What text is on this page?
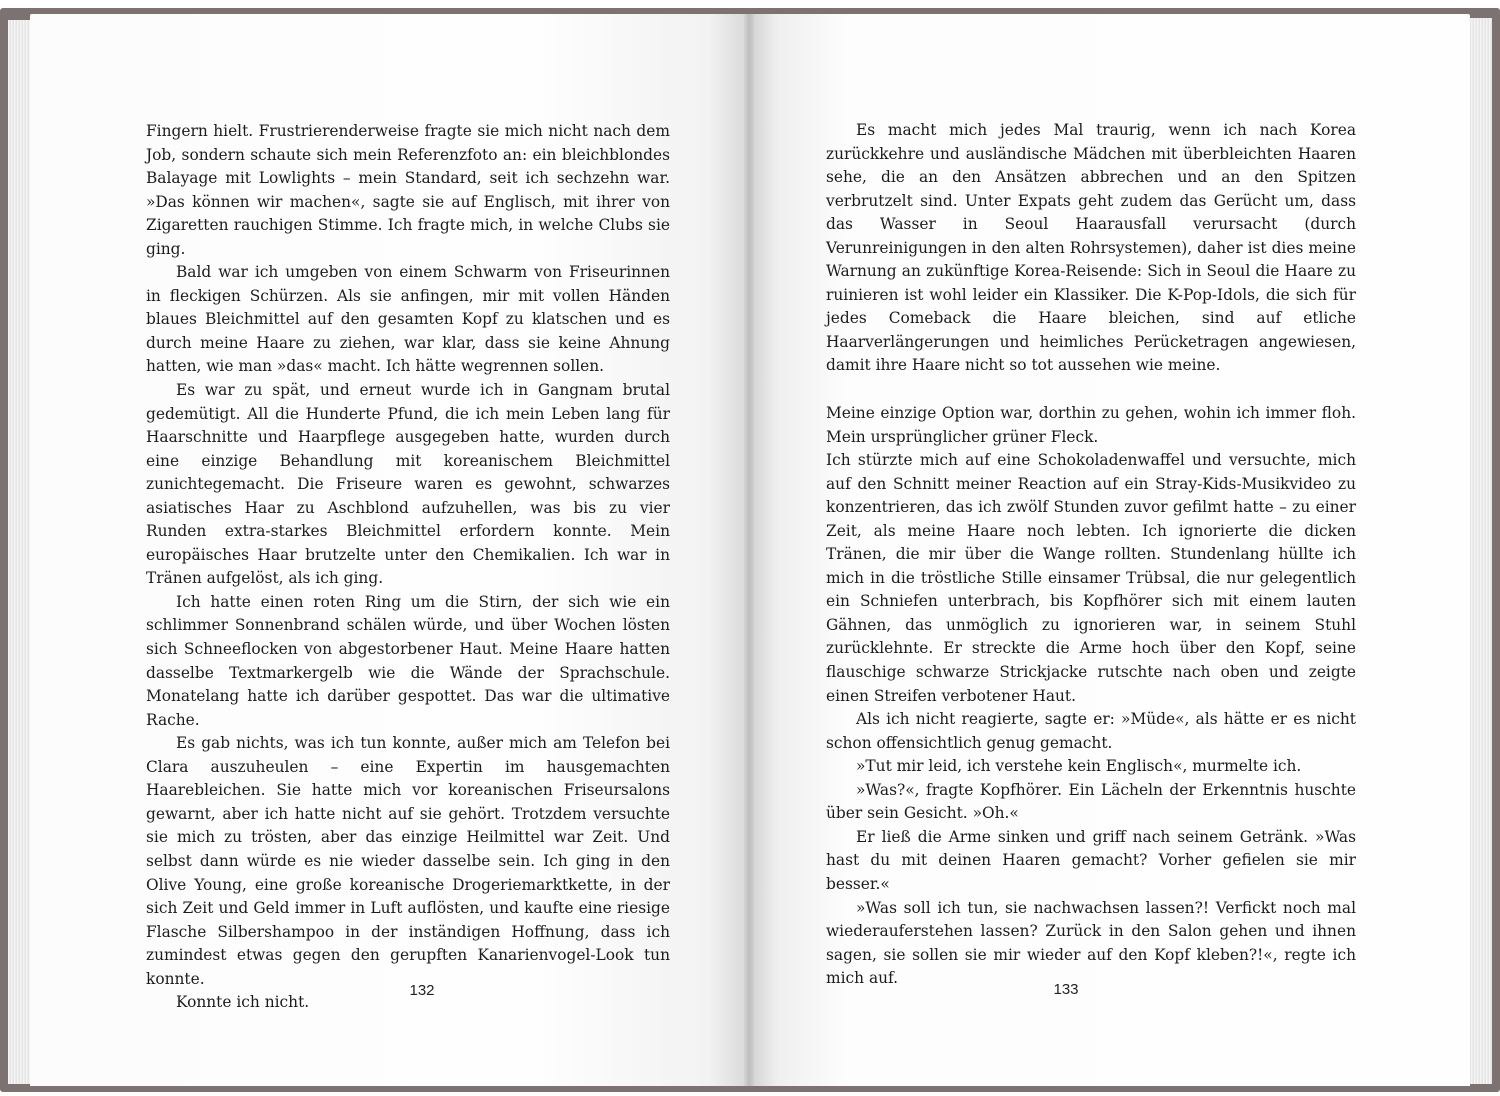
Fingern hielt. Frustrierenderweise fragte sie mich nicht nach dem Job, sondern schaute sich mein Referenzfoto an: ein bleichblondes Balayage mit Lowlights – mein Standard, seit ich sechzehn war. »Das können wir machen«, sagte sie auf Englisch, mit ihrer von Zigaretten rauchigen Stimme. Ich fragte mich, in welche Clubs sie ging.

Bald war ich umgeben von einem Schwarm von Friseurinnen in fleckigen Schürzen. Als sie anfingen, mir mit vollen Händen blaues Bleichmittel auf den gesamten Kopf zu klatschen und es durch meine Haare zu ziehen, war klar, dass sie keine Ahnung hatten, wie man »das« macht. Ich hätte wegrennen sollen.

Es war zu spät, und erneut wurde ich in Gangnam brutal gedemütigt. All die Hunderte Pfund, die ich mein Leben lang für Haarschnitte und Haarpflege ausgegeben hatte, wurden durch eine einzige Behandlung mit koreanischem Bleichmittel zunichtegemacht. Die Friseure waren es gewohnt, schwarzes asiatisches Haar zu Aschblond aufzuhellen, was bis zu vier Runden extra-starkes Bleichmittel erfordern konnte. Mein europäisches Haar brutzelte unter den Chemikalien. Ich war in Tränen aufgelöst, als ich ging.

Ich hatte einen roten Ring um die Stirn, der sich wie ein schlimmer Sonnenbrand schälen würde, und über Wochen lösten sich Schneeflocken von abgestorbener Haut. Meine Haare hatten dasselbe Textmarkergelb wie die Wände der Sprachschule. Monatelang hatte ich darüber gespottet. Das war die ultimative Rache.

Es gab nichts, was ich tun konnte, außer mich am Telefon bei Clara auszuheulen – eine Expertin im hausgemachten Haarebleichen. Sie hatte mich vor koreanischen Friseursalons gewarnt, aber ich hatte nicht auf sie gehört. Trotzdem versuchte sie mich zu trösten, aber das einzige Heilmittel war Zeit. Und selbst dann würde es nie wieder dasselbe sein. Ich ging in den Olive Young, eine große koreanische Drogeriemarktkette, in der sich Zeit und Geld immer in Luft auflösten, und kaufte eine riesige Flasche Silbershampoo in der inständigen Hoffnung, dass ich zumindest etwas gegen den gerupften Kanarienvogel-Look tun konnte.

Konnte ich nicht.

Es macht mich jedes Mal traurig, wenn ich nach Korea zurückkehre und ausländische Mädchen mit überbleichten Haaren sehe, die an den Ansätzen abbrechen und an den Spitzen verbrutzelt sind. Unter Expats geht zudem das Gerücht um, dass das Wasser in Seoul Haarausfall verursacht (durch Verunreinigungen in den alten Rohrsystemen), daher ist dies meine Warnung an zukünftige Korea-Reisende: Sich in Seoul die Haare zu ruinieren ist wohl leider ein Klassiker. Die K-Pop-Idols, die sich für jedes Comeback die Haare bleichen, sind auf etliche Haarverlängerungen und heimliches Perücketragen angewiesen, damit ihre Haare nicht so tot aussehen wie meine.

Meine einzige Option war, dorthin zu gehen, wohin ich immer floh. Mein ursprünglicher grüner Fleck.

Ich stürzte mich auf eine Schokoladenwaffel und versuchte, mich auf den Schnitt meiner Reaction auf ein Stray-Kids-Musikvideo zu konzentrieren, das ich zwölf Stunden zuvor gefilmt hatte – zu einer Zeit, als meine Haare noch lebten. Ich ignorierte die dicken Tränen, die mir über die Wange rollten. Stundenlang hüllte ich mich in die tröstliche Stille einsamer Trübsal, die nur gelegentlich ein Schniefen unterbrach, bis Kopfhörer sich mit einem lauten Gähnen, das unmöglich zu ignorieren war, in seinem Stuhl zurücklehnte. Er streckte die Arme hoch über den Kopf, seine flauschige schwarze Strickjacke rutschte nach oben und zeigte einen Streifen verbotener Haut.

Als ich nicht reagierte, sagte er: »Müde«, als hätte er es nicht schon offensichtlich genug gemacht.

»Tut mir leid, ich verstehe kein Englisch«, murmelte ich.

»Was?«, fragte Kopfhörer. Ein Lächeln der Erkenntnis huschte über sein Gesicht. »Oh.«

Er ließ die Arme sinken und griff nach seinem Getränk. »Was hast du mit deinen Haaren gemacht? Vorher gefielen sie mir besser.«

»Was soll ich tun, sie nachwachsen lassen?! Verfickt noch mal wiederauferstehen lassen? Zurück in den Salon gehen und ihnen sagen, sie sollen sie mir wieder auf den Kopf kleben?!«, regte ich mich auf.

132	133
